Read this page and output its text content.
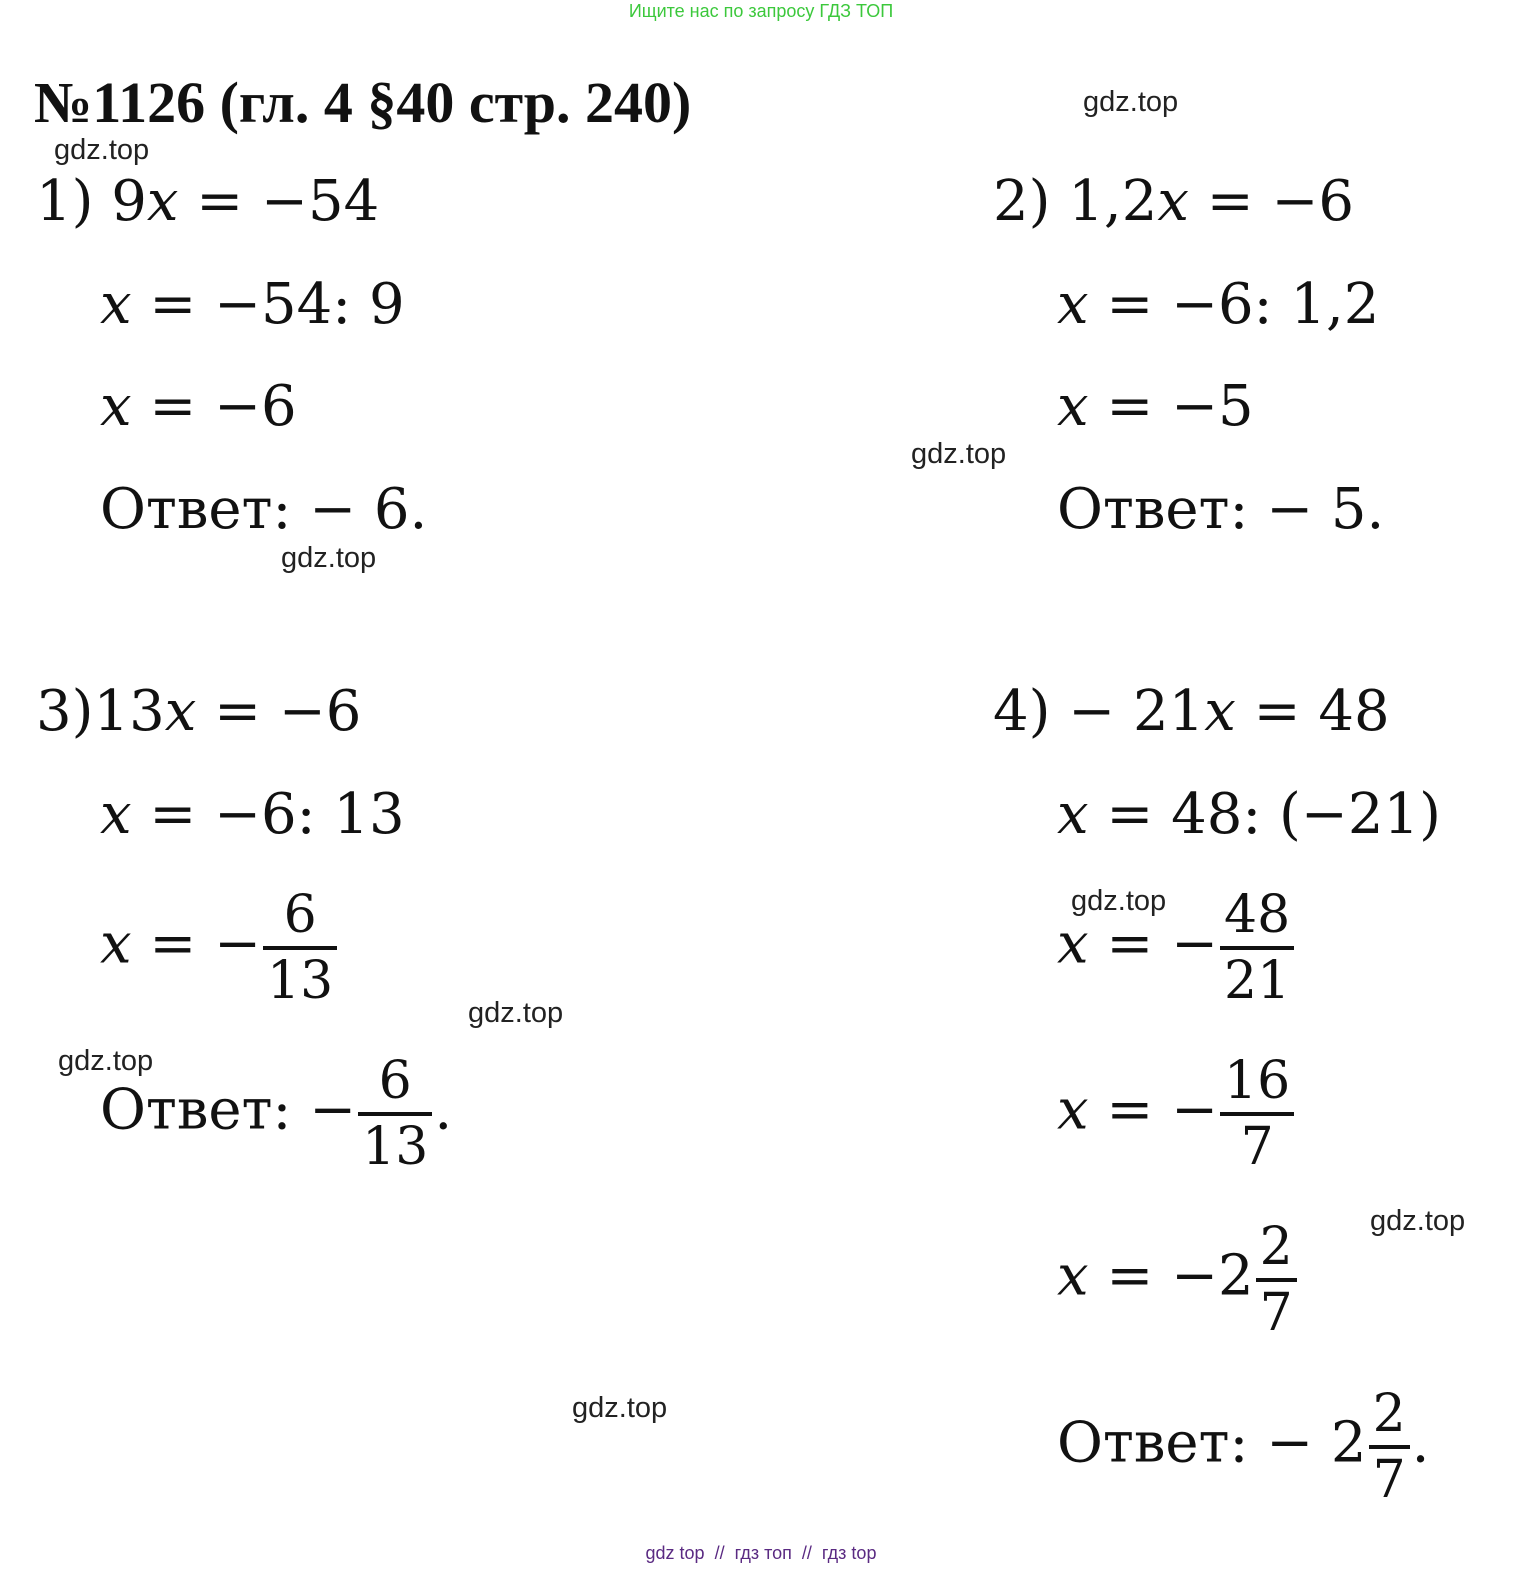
Ищите нас по запросу ГДЗ ТОП
№1126 (гл. 4 §40 стр. 240)	gdz.top
gdz.top
gdz.top
gdz.top
gdz.top
gdz.top
gdz.top
gdz.top
gdz.top
1) 9x = −54
x = −54: 9
x = −6
Ответ: − 6.
2) 1,2x = −6
x = −6: 1,2
x = −5
Ответ: − 5.
3)13x = −6
x = −6: 13
x = − $\frac{6}{13}$
Ответ: − $\frac{6}{13}$ .
4) − 21x = 48
x = 48: (−21)
x = − $\frac{48}{21}$
x = − $\frac{16}{7}$
$x = -2 \frac{2}{7}$
Ответ: − $2 \frac{2}{7}$ .
gdz top // гдз топ // гдз top
